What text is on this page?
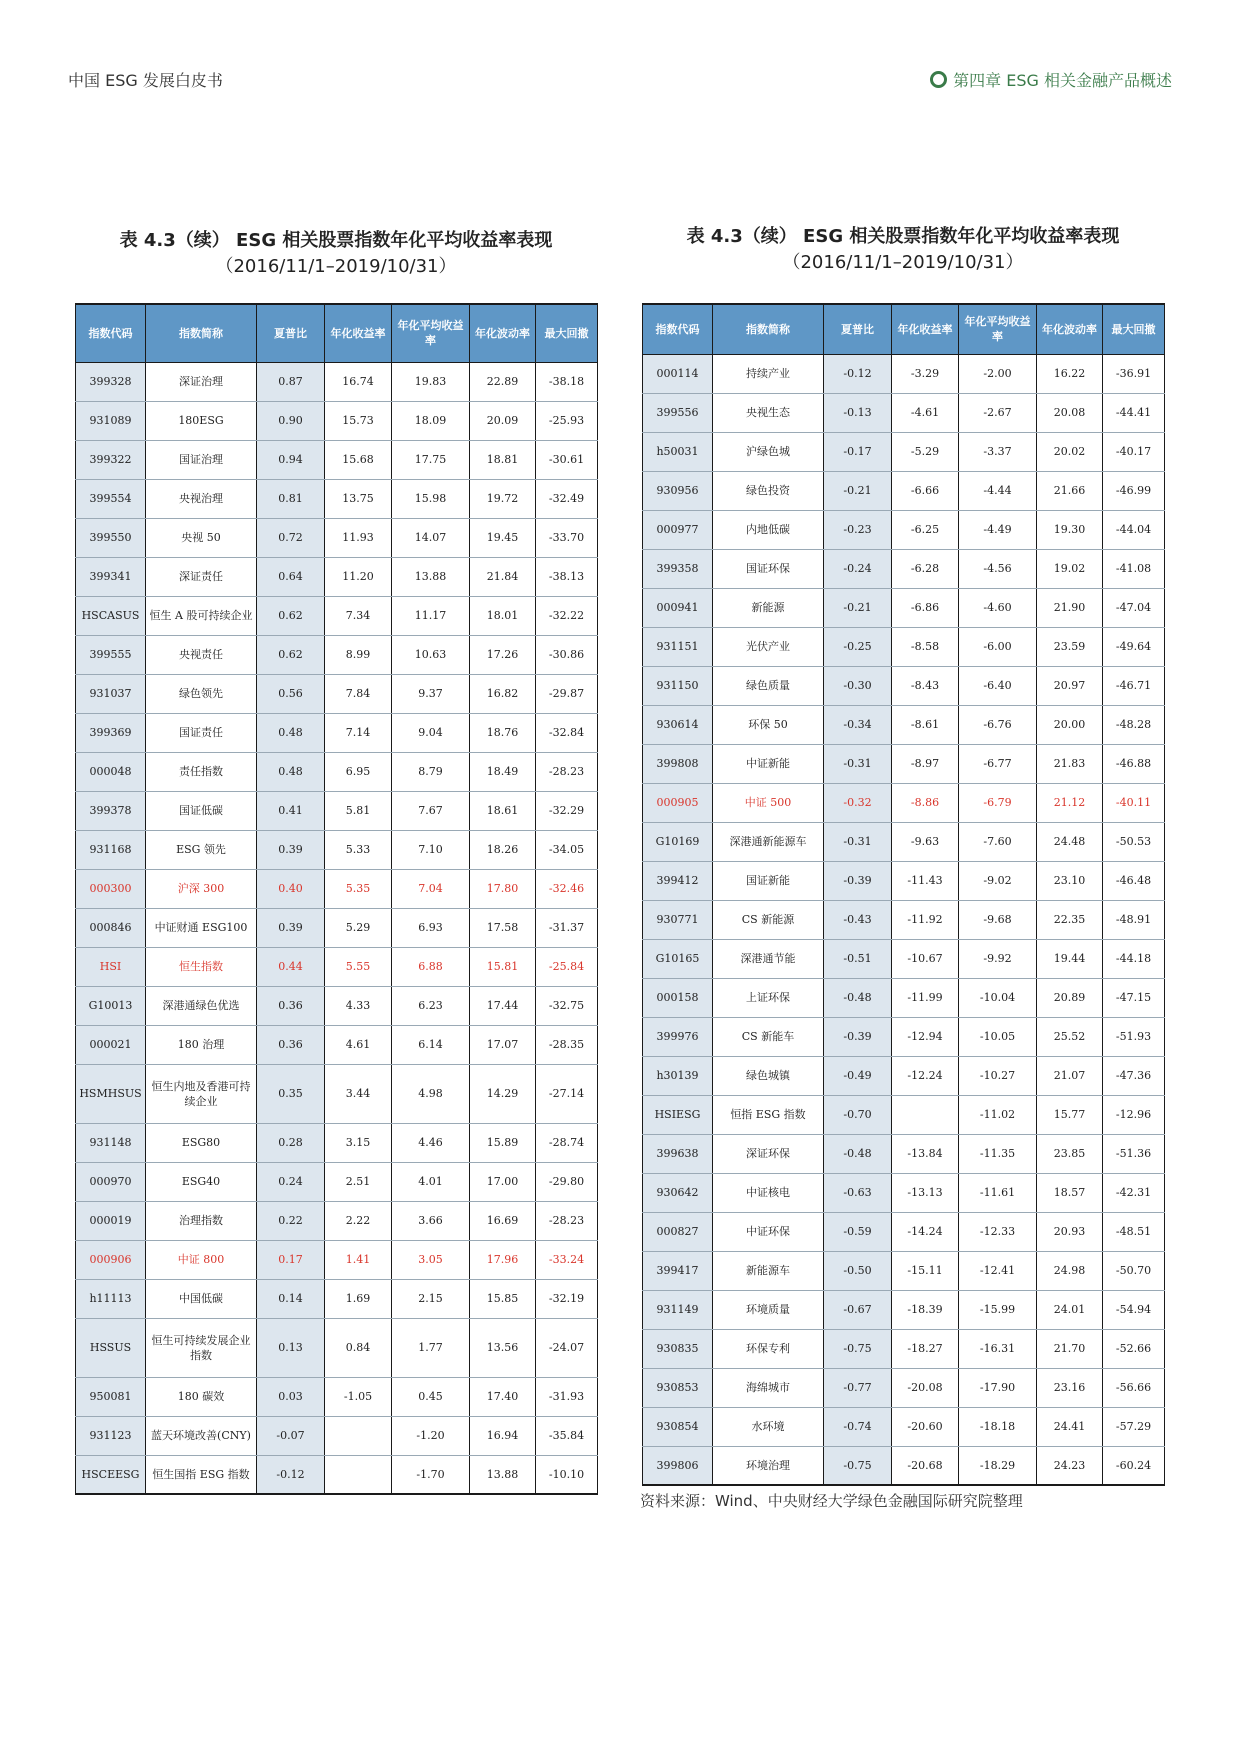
中国 ESG 发展白皮书	第四章 ESG 相关金融产品概述
表 4.3（续） ESG 相关股票指数年化平均收益率表现
（2016/11/1–2019/10/31）
表 4.3（续） ESG 相关股票指数年化平均收益率表现
（2016/11/1–2019/10/31）
指数代码	指数简称	夏普比	年化收益率	年化平均收益率	年化波动率	最大回撤
399328	深证治理	0.87	16.74	19.83	22.89	-38.18
931089	180ESG	0.90	15.73	18.09	20.09	-25.93
399322	国证治理	0.94	15.68	17.75	18.81	-30.61
399554	央视治理	0.81	13.75	15.98	19.72	-32.49
399550	央视 50	0.72	11.93	14.07	19.45	-33.70
399341	深证责任	0.64	11.20	13.88	21.84	-38.13
HSCASUS	恒生 A 股可持续企业	0.62	7.34	11.17	18.01	-32.22
399555	央视责任	0.62	8.99	10.63	17.26	-30.86
931037	绿色领先	0.56	7.84	9.37	16.82	-29.87
399369	国证责任	0.48	7.14	9.04	18.76	-32.84
000048	责任指数	0.48	6.95	8.79	18.49	-28.23
399378	国证低碳	0.41	5.81	7.67	18.61	-32.29
931168	ESG 领先	0.39	5.33	7.10	18.26	-34.05
000300	沪深 300	0.40	5.35	7.04	17.80	-32.46
000846	中证财通 ESG100	0.39	5.29	6.93	17.58	-31.37
HSI	恒生指数	0.44	5.55	6.88	15.81	-25.84
G10013	深港通绿色优选	0.36	4.33	6.23	17.44	-32.75
000021	180 治理	0.36	4.61	6.14	17.07	-28.35
HSMHSUS	恒生内地及香港可持续企业	0.35	3.44	4.98	14.29	-27.14
931148	ESG80	0.28	3.15	4.46	15.89	-28.74
000970	ESG40	0.24	2.51	4.01	17.00	-29.80
000019	治理指数	0.22	2.22	3.66	16.69	-28.23
000906	中证 800	0.17	1.41	3.05	17.96	-33.24
h11113	中国低碳	0.14	1.69	2.15	15.85	-32.19
HSSUS	恒生可持续发展企业指数	0.13	0.84	1.77	13.56	-24.07
950081	180 碳效	0.03	-1.05	0.45	17.40	-31.93
931123	蓝天环境改善(CNY)	-0.07		-1.20	16.94	-35.84
HSCEESG	恒生国指 ESG 指数	-0.12		-1.70	13.88	-10.10
指数代码	指数简称	夏普比	年化收益率	年化平均收益率	年化波动率	最大回撤
000114	持续产业	-0.12	-3.29	-2.00	16.22	-36.91
399556	央视生态	-0.13	-4.61	-2.67	20.08	-44.41
h50031	沪绿色城	-0.17	-5.29	-3.37	20.02	-40.17
930956	绿色投资	-0.21	-6.66	-4.44	21.66	-46.99
000977	内地低碳	-0.23	-6.25	-4.49	19.30	-44.04
399358	国证环保	-0.24	-6.28	-4.56	19.02	-41.08
000941	新能源	-0.21	-6.86	-4.60	21.90	-47.04
931151	光伏产业	-0.25	-8.58	-6.00	23.59	-49.64
931150	绿色质量	-0.30	-8.43	-6.40	20.97	-46.71
930614	环保 50	-0.34	-8.61	-6.76	20.00	-48.28
399808	中证新能	-0.31	-8.97	-6.77	21.83	-46.88
000905	中证 500	-0.32	-8.86	-6.79	21.12	-40.11
G10169	深港通新能源车	-0.31	-9.63	-7.60	24.48	-50.53
399412	国证新能	-0.39	-11.43	-9.02	23.10	-46.48
930771	CS 新能源	-0.43	-11.92	-9.68	22.35	-48.91
G10165	深港通节能	-0.51	-10.67	-9.92	19.44	-44.18
000158	上证环保	-0.48	-11.99	-10.04	20.89	-47.15
399976	CS 新能车	-0.39	-12.94	-10.05	25.52	-51.93
h30139	绿色城镇	-0.49	-12.24	-10.27	21.07	-47.36
HSIESG	恒指 ESG 指数	-0.70		-11.02	15.77	-12.96
399638	深证环保	-0.48	-13.84	-11.35	23.85	-51.36
930642	中证核电	-0.63	-13.13	-11.61	18.57	-42.31
000827	中证环保	-0.59	-14.24	-12.33	20.93	-48.51
399417	新能源车	-0.50	-15.11	-12.41	24.98	-50.70
931149	环境质量	-0.67	-18.39	-15.99	24.01	-54.94
930835	环保专利	-0.75	-18.27	-16.31	21.70	-52.66
930853	海绵城市	-0.77	-20.08	-17.90	23.16	-56.66
930854	水环境	-0.74	-20.60	-18.18	24.41	-57.29
399806	环境治理	-0.75	-20.68	-18.29	24.23	-60.24
资料来源：Wind、中央财经大学绿色金融国际研究院整理
